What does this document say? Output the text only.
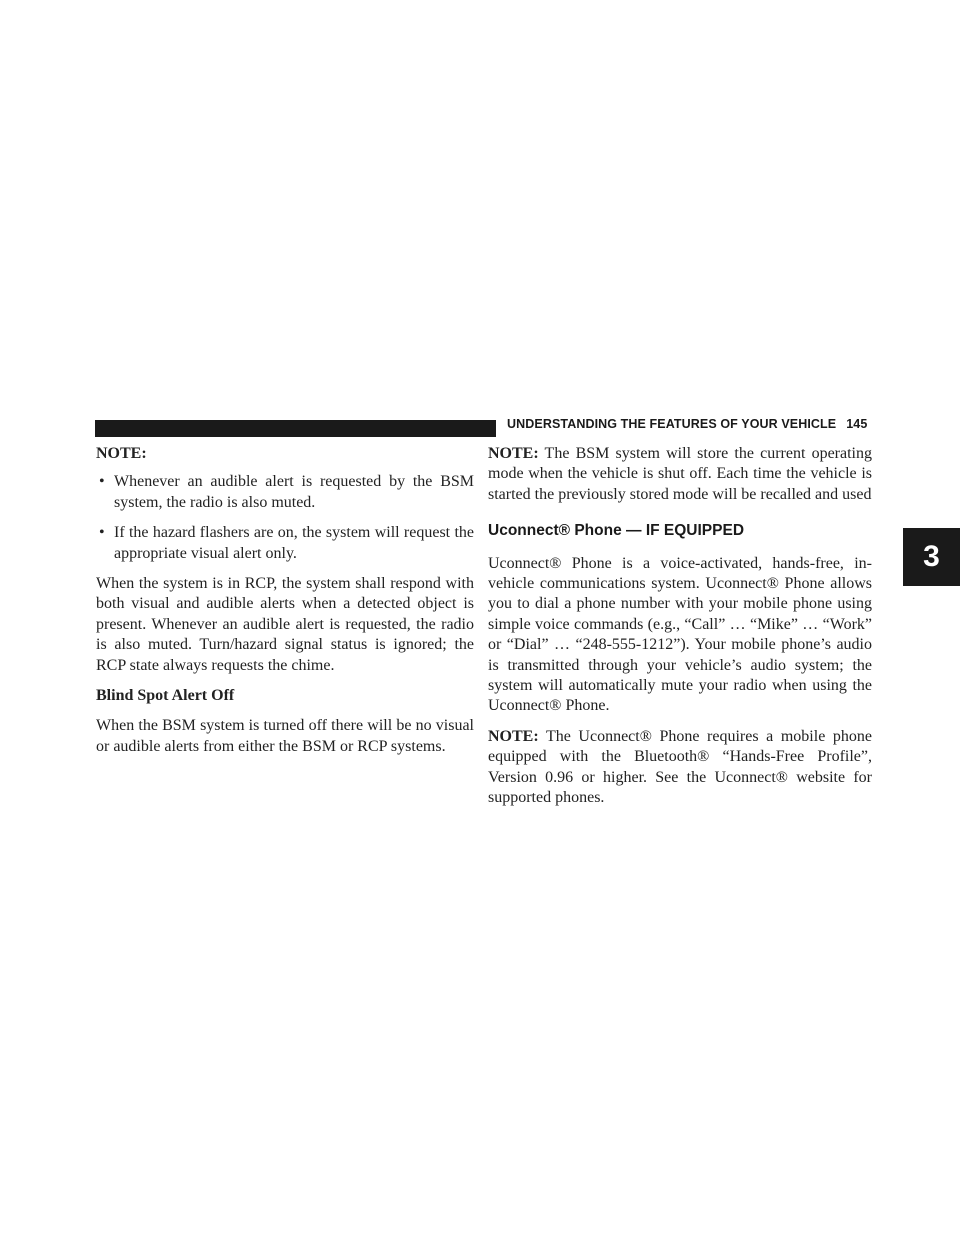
UNDERSTANDING THE FEATURES OF YOUR VEHICLE 145
3
NOTE:
• Whenever an audible alert is requested by the BSM system, the radio is also muted.
• If the hazard flashers are on, the system will request the appropriate visual alert only.

When the system is in RCP, the system shall respond with both visual and audible alerts when a detected object is present. Whenever an audible alert is requested, the radio is also muted. Turn/hazard signal status is ignored; the RCP state always requests the chime.

Blind Spot Alert Off

When the BSM system is turned off there will be no visual or audible alerts from either the BSM or RCP systems.

NOTE: The BSM system will store the current operating mode when the vehicle is shut off. Each time the vehicle is started the previously stored mode will be recalled and used

Uconnect® Phone — IF EQUIPPED

Uconnect® Phone is a voice-activated, hands-free, in-vehicle communications system. Uconnect® Phone allows you to dial a phone number with your mobile phone using simple voice commands (e.g., “Call” … “Mike” … “Work” or “Dial” … “248-555-1212”). Your mobile phone’s audio is transmitted through your vehicle’s audio system; the system will automatically mute your radio when using the Uconnect® Phone.

NOTE: The Uconnect® Phone requires a mobile phone equipped with the Bluetooth® “Hands-Free Profile”, Version 0.96 or higher. See the Uconnect® website for supported phones.
